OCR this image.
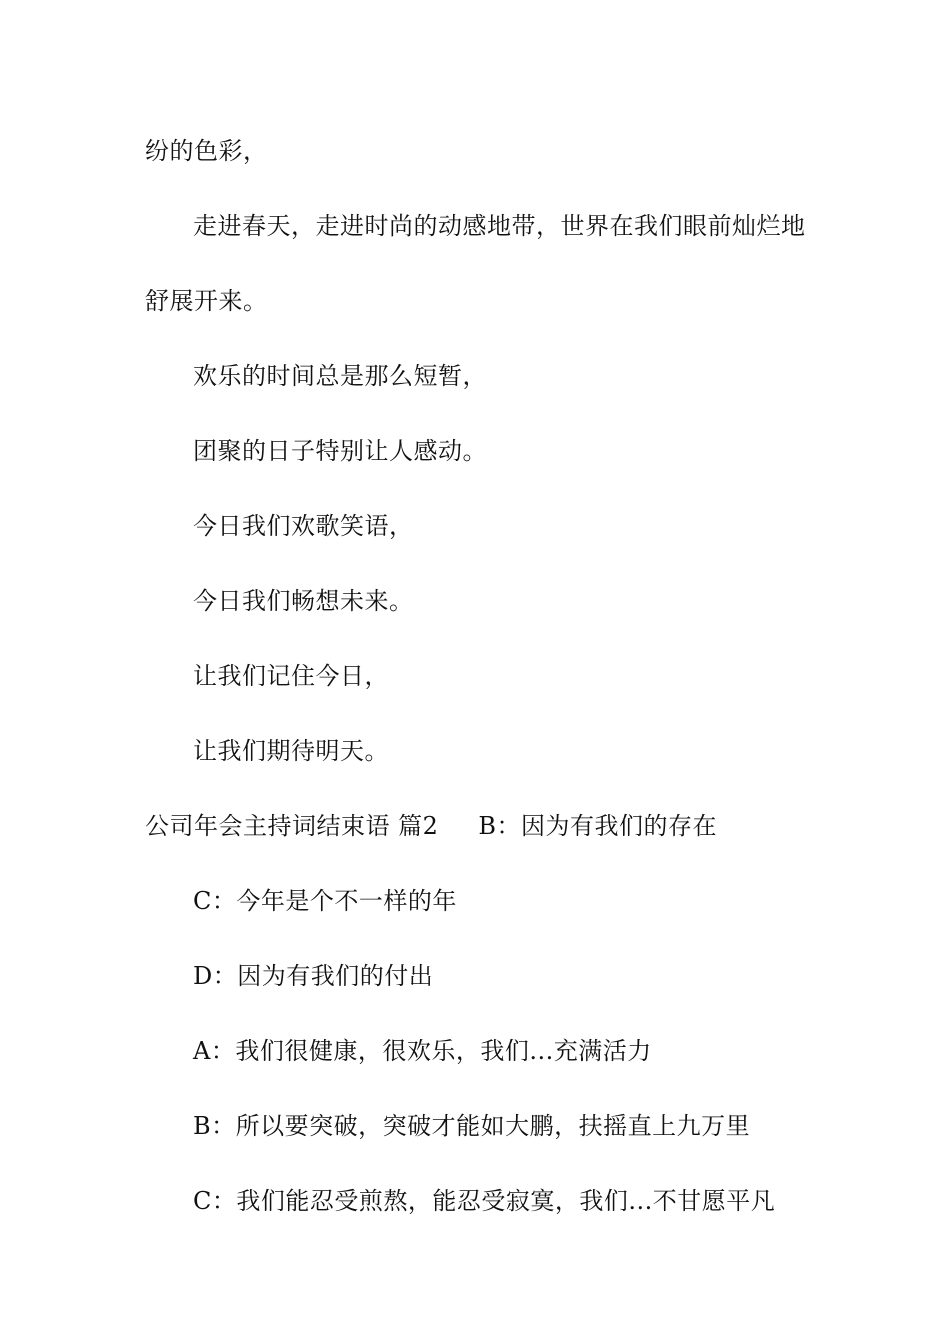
纷的色彩，
走进春天，走进时尚的动感地带，世界在我们眼前灿烂地
舒展开来。
欢乐的时间总是那么短暂，
团聚的日子特别让人感动。
今日我们欢歌笑语，
今日我们畅想未来。
让我们记住今日，
让我们期待明天。
公司年会主持词结束语 篇2 B：因为有我们的存在
C：今年是个不一样的年
D：因为有我们的付出
A：我们很健康，很欢乐，我们...充满活力
B：所以要突破，突破才能如大鹏，扶摇直上九万里
C：我们能忍受煎熬，能忍受寂寞，我们...不甘愿平凡
